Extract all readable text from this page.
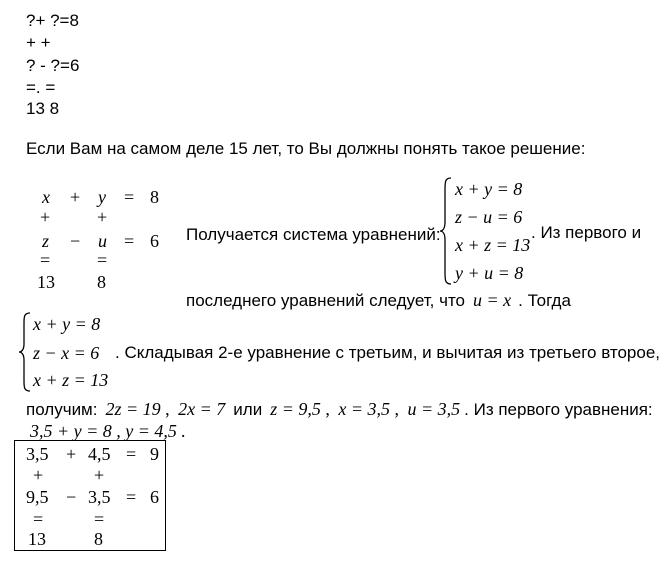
?+ ?=8
+ +
? - ?=6
=. =
13 8
Если Вам на самом деле 15 лет, то Вы должны понять такое решение:
x + y = 8
+	+
z − u = 6
=	=
13 8
Получается система уравнений:
x + y = 8
z − u = 6
x + z = 13
y + u = 8
. Из первого и
последнего уравнений следует, что u = x . Тогда
x + y = 8
z − x = 6
x + z = 13
. Складывая 2-е уравнение с третьим, и вычитая из третьего второе,
получим: 2z = 19 ,  2x = 7 или z = 9,5 ,  x = 3,5 ,  u = 3,5 . Из первого уравнения:
3,5 + y = 8 , y = 4,5 .
3,5 + 4,5 = 9
+	+
9,5 − 3,5 = 6
=	=
13	8
